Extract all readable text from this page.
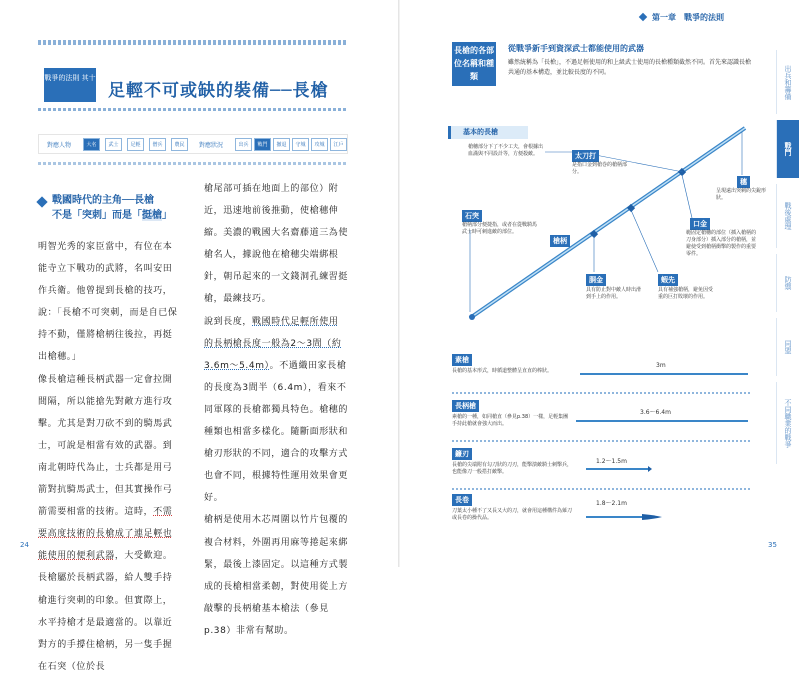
戰爭的法則 其十
足輕不可或缺的裝備──長槍
對應人物	大名	武士	足輕	僧兵	農民	對應狀況	出兵	戰鬥	撤退	守城	攻城	江戶
戰國時代的主角──長槍
不是「突刺」而是「挺槍」

明智光秀的家臣當中，有位在本能寺立下戰功的武將，名叫安田作兵衛。他曾提到長槍的技巧，說：「長槍不可突刺，而是自已保持不動，僅將槍柄往後拉，再挺出槍穗。」

像長槍這種長柄武器一定會拉開間隔，所以能搶先對敵方進行攻擊。尤其是對刀砍不到的騎馬武士，可說是相當有效的武器。到南北朝時代為止，士兵都是用弓箭對抗騎馬武士，但其實操作弓箭需要相當的技術。這時，不需要高度技術的長槍成了連足輕也能使用的便利武器，大受歡迎。

長槍屬於長柄武器，給人雙手持槍進行突刺的印象。但實際上，水平持槍才是最適當的。以靠近對方的手撐住槍柄，另一隻手握在石突（位於長

槍尾部可插在地面上的部位）附近，迅速地前後推動，使槍穗伸縮。美濃的戰國大名齋藤道三為使槍名人，據說他在槍穗尖端綁根針，朝吊起來的一文錢洞孔練習挺槍，最練技巧。

說到長度，戰國時代足輕所使用的長柄槍長度一般為2～3間（約3.6m～5.4m）。不過織田家長槍的長度為3間半（6.4m），看來不同軍隊的長槍都獨具特色。槍穗的種類也相當多樣化。隨斷面形狀和槍刃形狀的不同，適合的攻擊方式也會不同，根據特性運用效果會更好。

槍柄是使用木芯周圍以竹片包覆的複合材料，外圍再用麻等捲起來綁緊，最後上漆固定。以這種方式製成的長槍相當柔韌，對使用從上方敲擊的長柄槍基本槍法（參見p.38）非常有幫助。

24
第一章　戰爭的法則
長槍的各部位名稱和種類
從戰爭新手到資深武士都能使用的武器
雖然統稱為「長槍」，不過足輕使用的和上級武士使用的長槍種類截然不同。首先來認識長槍共通的基本構造，並比較長度的不同。
基本的長槍
槍穗部分下了不少工夫，會根據出血滿與不同設計等，方便殺敵。	太刀打
是指口金到槍巻的槍柄部分。
穗
呈現遠出突刺的尖銳形狀。
石突
槍柄部分便捷指，或者在從戰騎馬武士時可刺進敵的部位。
槍柄
口金
範固定槍穗的部位（插入槍柄的刀身部分）插入部分的槍柄，並避使受到槍柄衝擊的製作的重要零件。
胴金
具有防止對中敵人時出滑到手上的作用。
蝦先
具有補強槍柄，避免因受重的巨打敗壞的作用。
素槍
長槍的基本形式，時循道整體呈直直的棒狀。
3m
長柄槍
素槍的一種，如同槍直（參見p.38）一樣，足輕集團手持此槍就會強大而出。
3.6～6.4m
鐮刃
長槍的尖端附有勾刀狀的刀刃，能擊溃敵騎士刺擊兵，也能像刀一般搭打敵擊。
1.2～1.5m
長卷
刀葉太小種不了又長又大的刀，就會用這種構件為薙刀或長卷的操代品。
1.8～2.1m
出兵和籌備
戰鬥
戰後處理
防禦
同盟
不同職業的戰爭
35
